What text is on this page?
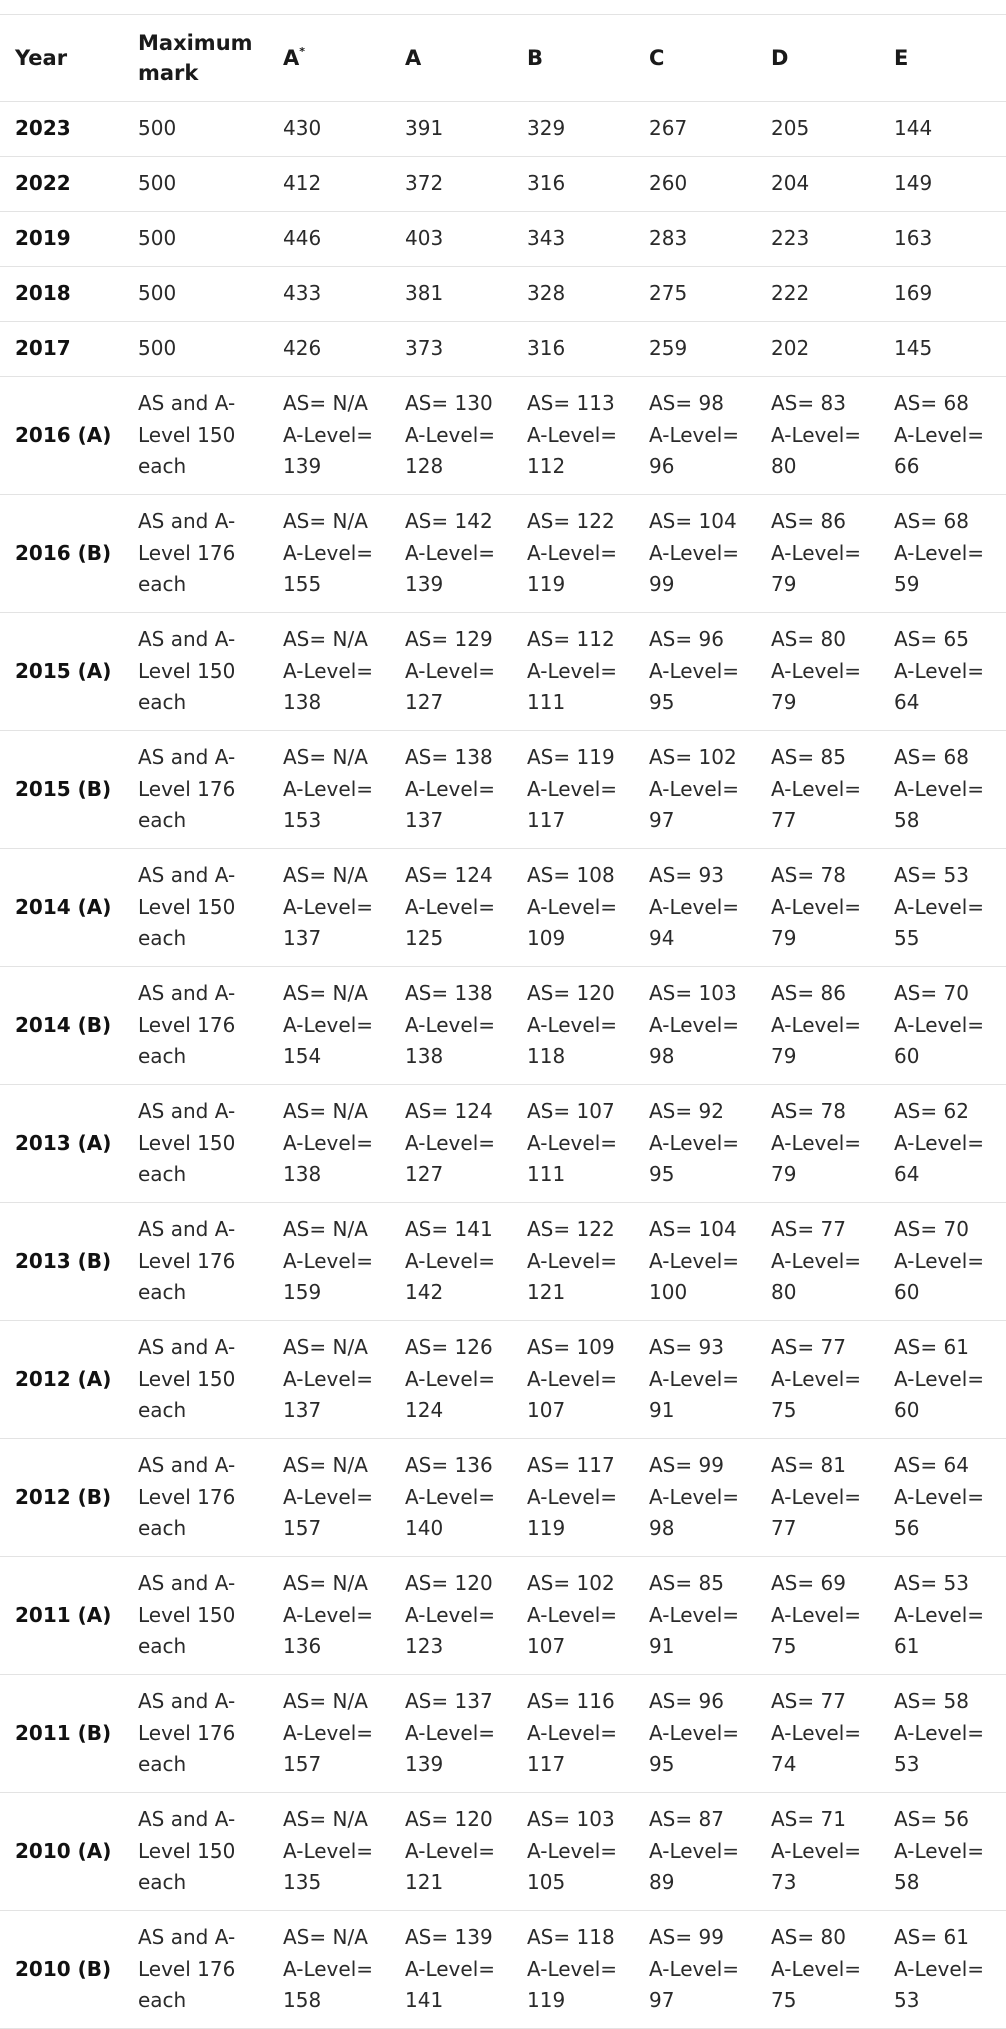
Year	Maximum mark	A*	A	B	C	D	E
2023	500	430	391	329	267	205	144
2022	500	412	372	316	260	204	149
2019	500	446	403	343	283	223	163
2018	500	433	381	328	275	222	169
2017	500	426	373	316	259	202	145
2016 (A)	AS and A-
Level 150
each	AS= N/A
A-Level=
139	AS= 130
A-Level=
128	AS= 113
A-Level=
112	AS= 98
A-Level=
96	AS= 83
A-Level=
80	AS= 68
A-Level=
66

2016 (B)	AS and A-
Level 176
each	AS= N/A
A-Level=
155	AS= 142
A-Level=
139	AS= 122
A-Level=
119	AS= 104
A-Level=
99	AS= 86
A-Level=
79	AS= 68
A-Level=
59

2015 (A)	AS and A-
Level 150
each	AS= N/A
A-Level=
138	AS= 129
A-Level=
127	AS= 112
A-Level=
111	AS= 96
A-Level=
95	AS= 80
A-Level=
79	AS= 65
A-Level=
64

2015 (B)	AS and A-
Level 176
each	AS= N/A
A-Level=
153	AS= 138
A-Level=
137	AS= 119
A-Level=
117	AS= 102
A-Level=
97	AS= 85
A-Level=
77	AS= 68
A-Level=
58

2014 (A)	AS and A-
Level 150
each	AS= N/A
A-Level=
137	AS= 124
A-Level=
125	AS= 108
A-Level=
109	AS= 93
A-Level=
94	AS= 78
A-Level=
79	AS= 53
A-Level=
55

2014 (B)	AS and A-
Level 176
each	AS= N/A
A-Level=
154	AS= 138
A-Level=
138	AS= 120
A-Level=
118	AS= 103
A-Level=
98	AS= 86
A-Level=
79	AS= 70
A-Level=
60

2013 (A)	AS and A-
Level 150
each	AS= N/A
A-Level=
138	AS= 124
A-Level=
127	AS= 107
A-Level=
111	AS= 92
A-Level=
95	AS= 78
A-Level=
79	AS= 62
A-Level=
64

2013 (B)	AS and A-
Level 176
each	AS= N/A
A-Level=
159	AS= 141
A-Level=
142	AS= 122
A-Level=
121	AS= 104
A-Level=
100	AS= 77
A-Level=
80	AS= 70
A-Level=
60

2012 (A)	AS and A-
Level 150
each	AS= N/A
A-Level=
137	AS= 126
A-Level=
124	AS= 109
A-Level=
107	AS= 93
A-Level=
91	AS= 77
A-Level=
75	AS= 61
A-Level=
60

2012 (B)	AS and A-
Level 176
each	AS= N/A
A-Level=
157	AS= 136
A-Level=
140	AS= 117
A-Level=
119	AS= 99
A-Level=
98	AS= 81
A-Level=
77	AS= 64
A-Level=
56

2011 (A)	AS and A-
Level 150
each	AS= N/A
A-Level=
136	AS= 120
A-Level=
123	AS= 102
A-Level=
107	AS= 85
A-Level=
91	AS= 69
A-Level=
75	AS= 53
A-Level=
61

2011 (B)	AS and A-
Level 176
each	AS= N/A
A-Level=
157	AS= 137
A-Level=
139	AS= 116
A-Level=
117	AS= 96
A-Level=
95	AS= 77
A-Level=
74	AS= 58
A-Level=
53

2010 (A)	AS and A-
Level 150
each	AS= N/A
A-Level=
135	AS= 120
A-Level=
121	AS= 103
A-Level=
105	AS= 87
A-Level=
89	AS= 71
A-Level=
73	AS= 56
A-Level=
58

2010 (B)	AS and A-
Level 176
each	AS= N/A
A-Level=
158	AS= 139
A-Level=
141	AS= 118
A-Level=
119	AS= 99
A-Level=
97	AS= 80
A-Level=
75	AS= 61
A-Level=
53
